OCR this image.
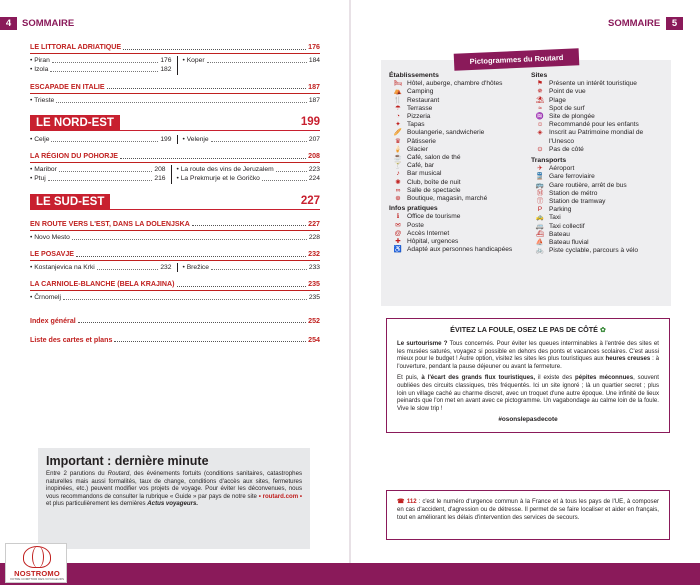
4	SOMMAIRE
LE LITTORAL ADRIATIQUE	176
• Piran	176 • Koper	184
• Izola	182
ESCAPADE EN ITALIE	187
• Trieste	187
LE NORD-EST	199
• Celje	199 • Velenje	207
LA RÉGION DU POHORJE	208
• Maribor	208 • La route des vins de Jeruzalem	223
• Ptuj	216 • La Prekmurje et le Goričko	224
LE SUD-EST	227
EN ROUTE VERS L'EST, DANS LA DOLENJSKA	227
• Novo Mesto	228
LE POSAVJE	232
• Kostanjevica na Krki	232 • Brežice	233
LA CARNIOLE-BLANCHE (BELA KRAJINA)	235
• Črnomelj	235
Index général	252
Liste des cartes et plans	254
Important : dernière minute

Entre 2 parutions du Routard, des événements fortuits (conditions sanitaires, catastrophes naturelles mais aussi formalités, taux de change, conditions d'accès aux sites, fermetures inopinées, etc.) peuvent modifier vos projets de voyage. Pour éviter les déconvenues, nous vous recommandons de consulter la rubrique « Guide » par pays de notre site • routard.com • et plus particulièrement les dernières Actus voyageurs.

SOMMAIRE	5
Pictogrammes du Routard
Établissements
🛏 Hôtel, auberge, chambre d'hôtes
⛺ Camping
🍴 Restaurant
☂ Terrasse
◔	Pizzeria
✦ Tapas
🥖 Boulangerie, sandwicherie
♛ Pâtisserie
🍦 Glacier
☕ Café, salon de thé
🍸 Café, bar
♪	Bar musical
✺ Club, boîte de nuit
∞	Salle de spectacle
⊕ Boutique, magasin, marché
Infos pratiques
ℹ	Office de tourisme
✉ Poste
@ Accès Internet
✚ Hôpital, urgences
♿ Adapté aux personnes handicapées
Sites
⚑ Présente un intérêt touristique
✵ Point de vue
⛱ Plage
≈	Spot de surf
♒ Site de plongée
☺ Recommandé pour les enfants
◈ Inscrit au Patrimoine mondial de l'Unesco
⊙ Pas de côté
Transports
✈ Aéroport
🚆 Gare ferroviaire
🚌 Gare routière, arrêt de bus
Ⓜ Station de métro
Ⓣ Station de tramway
P	Parking
🚕 Taxi
🚐 Taxi collectif
⛴ Bateau
⛵ Bateau fluvial
🚲 Piste cyclable, parcours à vélo
ÉVITEZ LA FOULE, OSEZ LE PAS DE CÔTÉ ✿

Le surtourisme ? Tous concernés. Pour éviter les queues interminables à l'entrée des sites et les musées saturés, voyagez si possible en dehors des ponts et vacances scolaires. C'est aussi mieux pour le budget ! Autre option, visitez les sites les plus touristiques aux heures creuses : à l'ouverture, pendant la pause déjeuner ou avant la fermeture.

Et puis, à l'écart des grands flux touristiques, il existe des pépites méconnues, souvent oubliées des circuits classiques, très fréquentés. Ici un site ignoré ; là un quartier secret ; plus loin un village caché au charme discret, avec un troquet d'une autre époque. Une infinité de lieux peinards que l'on met en avant avec ce pictogramme. Un vagabondage au calme loin de la foule. Vive le slow trip !

#osonslepasdecote

☎ 112 : c'est le numéro d'urgence commun à la France et à tous les pays de l'UE, à composer en cas d'accident, d'agression ou de détresse. Il permet de se faire localiser et aider en français, tout en améliorant les délais d'intervention des services de secours.

NOSTROMO
VOTRE COMPTOIR DES VOYAGEURS
